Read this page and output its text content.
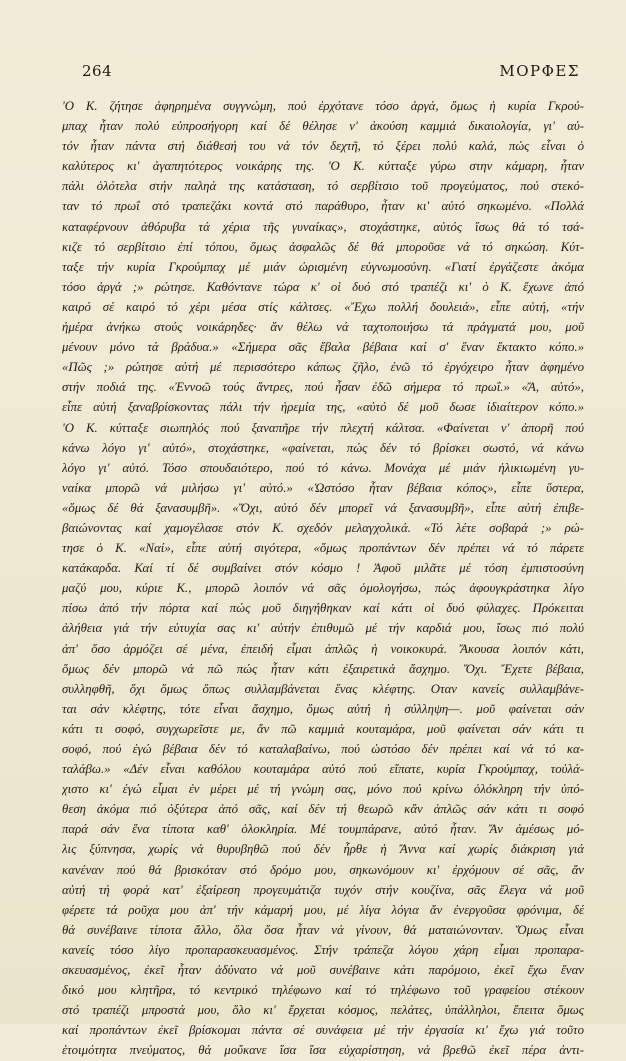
264	ΜΟΡΦΕΣ
'Ο Κ. ζήτησε ἀφηρημένα συγγνώμη, πού ἐρχότανε τόσο ἀργά, ὅμως ἡ κυρία Γκρού-
μπαχ ἦταν πολύ εὐπροσήγορη καί δέ θέλησε ν' ἀκούση καμμιά δικαιολογία, γι' αὐ-
τόν ἦταν πάντα στή διάθεσή του νά τόν δεχτῆ, τό ξέρει πολύ καλά, πώς εἶναι ὁ
καλύτερος κι' ἀγαπητότερος νοικάρης της. 'Ο Κ. κύτταξε γύρω στην κάμαρη, ἦταν
πάλι ὁλότελα στήν παληά της κατάσταση, τό σερβίτσιο τοῦ προγεύματος, πού στεκό-
ταν τό πρωΐ στό τραπεζάκι κοντά στό παράθυρο, ἦταν κι' αὐτό σηκωμένο. «Πολλά
καταφέρνουν ἀθόρυβα τά χέρια τῆς γυναίκας», στοχάστηκε, αὐτός ἴσως θά τό τσά-
κιζε τό σερβίτσιο ἐπί τόπου, ὅμως ἀσφαλῶς δέ θά μποροῦσε νά τό σηκώση. Κύτ-
ταξε τήν κυρία Γκρούμπαχ μέ μιάν ὡρισμένη εὐγνωμοσύνη. «Γιατί ἐργάζεστε ἀκόμα
τόσο ἀργά ;» ρώτησε. Καθόντανε τώρα κ' οἱ δυό στό τραπέζι κι' ὁ Κ. ἔχωνε ἀπό
καιρό σέ καιρό τό χέρι μέσα στίς κάλτσες. «Ἔχω πολλή δουλειά», εἶπε αὐτή, «τήν
ἡμέρα ἀνήκω στούς νοικάρηδες· ἄν θέλω νά ταχτοποιήσω τά πράγματά μου, μοῦ
μένουν μόνο τά βράδυα.» «Σήμερα σᾶς ἔβαλα βέβαια καί σ' ἕναν ἔκτακτο κόπο.»
«Πῶς ;» ρώτησε αὐτή μέ περισσότερο κάπως ζῆλο, ἐνῶ τό ἐργόχειρο ἦταν ἀφημένο
στήν ποδιά της. «Ἐννοῶ τούς ἄντρες, πού ἦσαν ἐδῶ σήμερα τό πρωΐ.» «Ἄ, αὐτό»,
εἶπε αὐτή ξαναβρίσκοντας πάλι τήν ἠρεμία της, «αὐτό δέ μοῦ δωσε ἰδιαίτερον κόπο.»
'Ο Κ. κύτταξε σιωπηλός πού ξαναπῆρε τήν πλεχτή κάλτσα. «Φαίνεται ν' ἀπορῆ πού
κάνω λόγο γι' αὐτό», στοχάστηκε, «φαίνεται, πώς δέν τό βρίσκει σωστό, νά κάνω
λόγο γι' αὐτό. Τόσο σπουδαιότερο, πού τό κάνω. Μονάχα μέ μιάν ἡλικιωμένη γυ-
ναίκα μπορῶ νά μιλήσω γι' αὐτό.» «Ὡστόσο ἦταν βέβαια κόπος», εἶπε ὕστερα,
«ὅμως δέ θά ξανασυμβῆ». «Ὄχι, αὐτό δέν μπορεῖ νά ξανασυμβῆ», εἶπε αὐτή ἐπιβε-
βαιώνοντας καί χαμογέλασε στόν Κ. σχεδόν μελαγχολικά. «Τό λέτε σοβαρά ;» ρώ-
τησε ὁ Κ. «Ναί», εἶπε αὐτή σιγότερα, «ὅμως προπάντων δέν πρέπει νά τό πάρετε
κατάκαρδα. Καί τί δέ συμβαίνει στόν κόσμο ! Ἀφοῦ μιλᾶτε μέ τόση ἐμπιστοσύνη
μαζύ μου, κύριε Κ., μπορῶ λοιπόν νά σᾶς ὁμολογήσω, πώς ἀφουγκράστηκα λίγο
πίσω ἀπό τήν πόρτα καί πώς μοῦ διηγήθηκαν καί κάτι οἱ δυό φύλαχες. Πρόκειται
ἀλήθεια γιά τήν εὐτυχία σας κι' αὐτήν ἐπιθυμῶ μέ τήν καρδιά μου, ἴσως πιό πολύ
ἀπ' ὅσο ἁρμόζει σέ μένα, ἐπειδή εἶμαι ἁπλῶς ἡ νοικοκυρά. Ἄκουσα λοιπόν κάτι,
ὅμως δέν μπορῶ νά πῶ πώς ἦταν κάτι ἐξαιρετικά ἄσχημο. Ὄχι. Ἔχετε βέβαια,
συλληφθῆ, ὄχι ὅμως ὅπως συλλαμβάνεται ἕνας κλέφτης. Οταν κανείς συλλαμβάνε-
ται σάν κλέφτης, τότε εἶναι ἄσχημο, ὅμως αὐτή ἡ σύλληψη—. μοῦ φαίνεται σάν
κάτι τι σοφό, συγχωρεῖστε με, ἄν πῶ καμμιά κουταμάρα, μοῦ φαίνεται σάν κάτι τι
σοφό, πού ἐγώ βέβαια δέν τό καταλαβαίνω, πού ὡστόσο δέν πρέπει καί νά τό κα-
ταλάβω.» «Δέν εἶναι καθόλου κουταμάρα αὐτό πού εἴπατε, κυρία Γκρούμπαχ, τοὐλά-
χιστο κι' ἐγώ εἶμαι ἐν μέρει μέ τή γνώμη σας, μόνο πού κρίνω ὁλόκληρη τήν ὑπό-
θεση ἀκόμα πιό ὀξύτερα ἀπό σᾶς, καί δέν τή θεωρῶ κἄν ἁπλῶς σάν κάτι τι σοφό
παρά σάν ἕνα τίποτα καθ' ὁλοκληρία. Μέ τουμπάρανε, αὐτό ἦταν. Ἄν ἀμέσως μό-
λις ξύπνησα, χωρίς νά θυρυβηθῶ πού δέν ἦρθε ἡ Ἄννα καί χωρίς διάκριση γιά
κανέναν πού θά βρισκόταν στό δρόμο μου, σηκωνόμουν κι' ἐρχόμουν σέ σᾶς, ἄν
αὐτή τή φορά κατ' ἐξαίρεση προγευμάτιζα τυχόν στήν κουζίνα, σᾶς ἔλεγα νά μοῦ
φέρετε τά ροῦχα μου ἀπ' τήν κάμαρή μου, μέ λίγα λόγια ἄν ἐνεργοῦσα φρόνιμα, δέ
θά συνέβαινε τίποτα ἄλλο, ὅλα ὅσα ἦταν νά γίνουν, θά ματαιώνονταν. Ὅμως εἶναι
κανείς τόσο λίγο προπαρασκευασμένος. Στήν τράπεζα λόγου χάρη εἶμαι προπαρα-
σκευασμένος, ἐκεῖ ἦταν ἀδύνατο νά μοῦ συνέβαινε κάτι παρόμοιο, ἐκεῖ ἔχω ἕναν
δικό μου κλητῆρα, τό κεντρικό τηλέφωνο καί τό τηλέφωνο τοῦ γραφείου στέκουν
στό τραπέζι μπροστά μου, ὅλο κι' ἔρχεται κόσμος, πελάτες, ὑπάλληλοι, ἔπειτα ὅμως
καί προπάντων ἐκεῖ βρίσκομαι πάντα σέ συνάφεια μέ τήν ἐργασία κι' ἔχω γιά τοῦτο
ἑτοιμότητα πνεύματος, θά μοὔκανε ἴσα ἴσα εὐχαρίστηση, νά βρεθῶ ἐκεῖ πέρα ἀντι-
